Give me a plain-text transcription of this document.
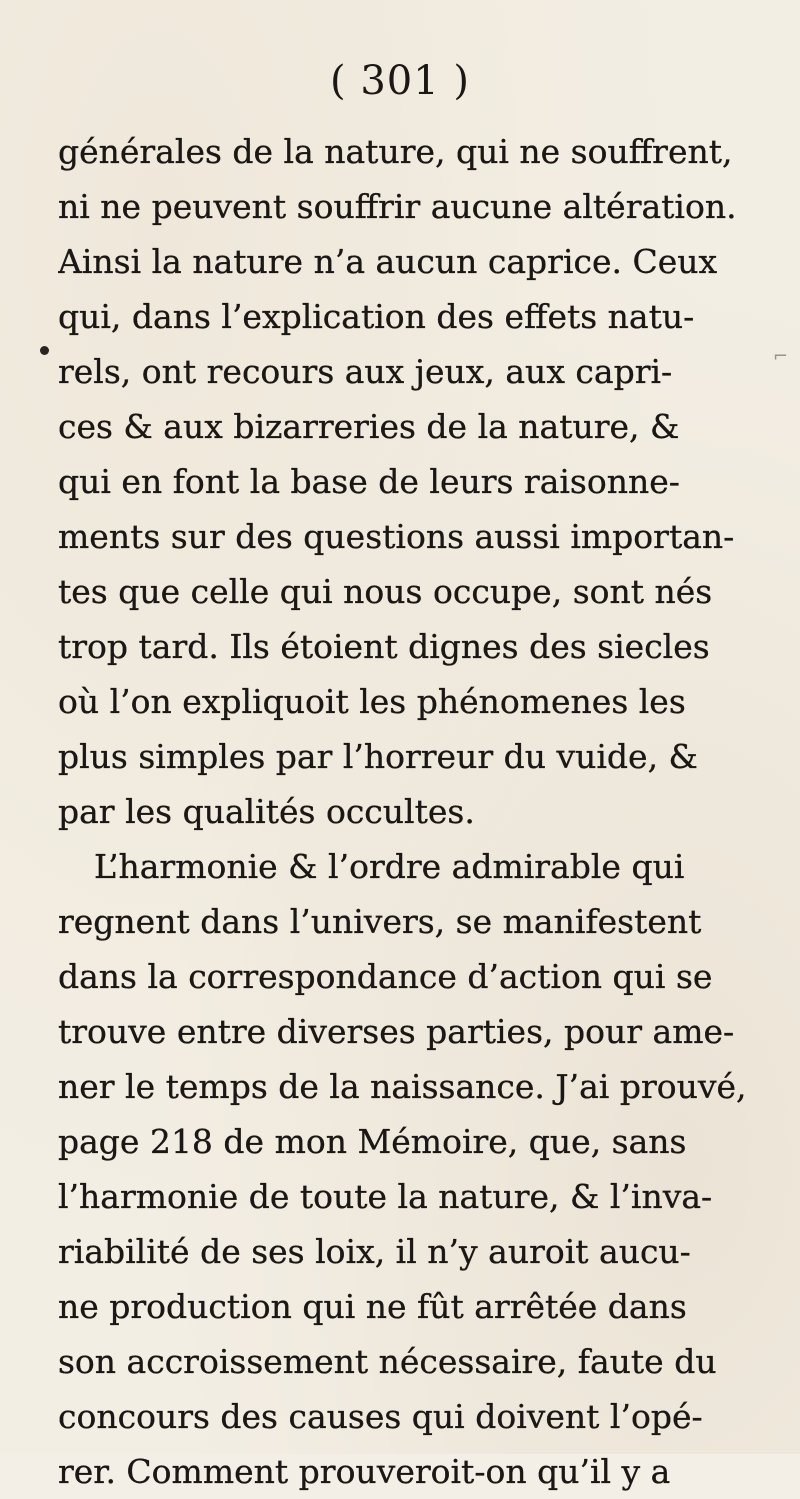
( 301 )
⌐
générales de la nature, qui ne souffrent,
ni ne peuvent souffrir aucune altération.
Ainsi la nature n’a aucun caprice. Ceux
qui, dans l’explication des effets natu-
rels, ont recours aux jeux, aux capri-
ces & aux bizarreries de la nature, &
qui en font la base de leurs raisonne-
ments sur des questions aussi importan-
tes que celle qui nous occupe, sont nés
trop tard. Ils étoient dignes des siecles
où l’on expliquoit les phénomenes les
plus simples par l’horreur du vuide, &
par les qualités occultes.
L’harmonie & l’ordre admirable qui
regnent dans l’univers, se manifestent
dans la correspondance d’action qui se
trouve entre diverses parties, pour ame-
ner le temps de la naissance. J’ai prouvé,
page 218 de mon Mémoire, que, sans
l’harmonie de toute la nature, & l’inva-
riabilité de ses loix, il n’y auroit aucu-
ne production qui ne fût arrêtée dans
son accroissement nécessaire, faute du
concours des causes qui doivent l’opé-
rer. Comment prouveroit-on qu’il y a
